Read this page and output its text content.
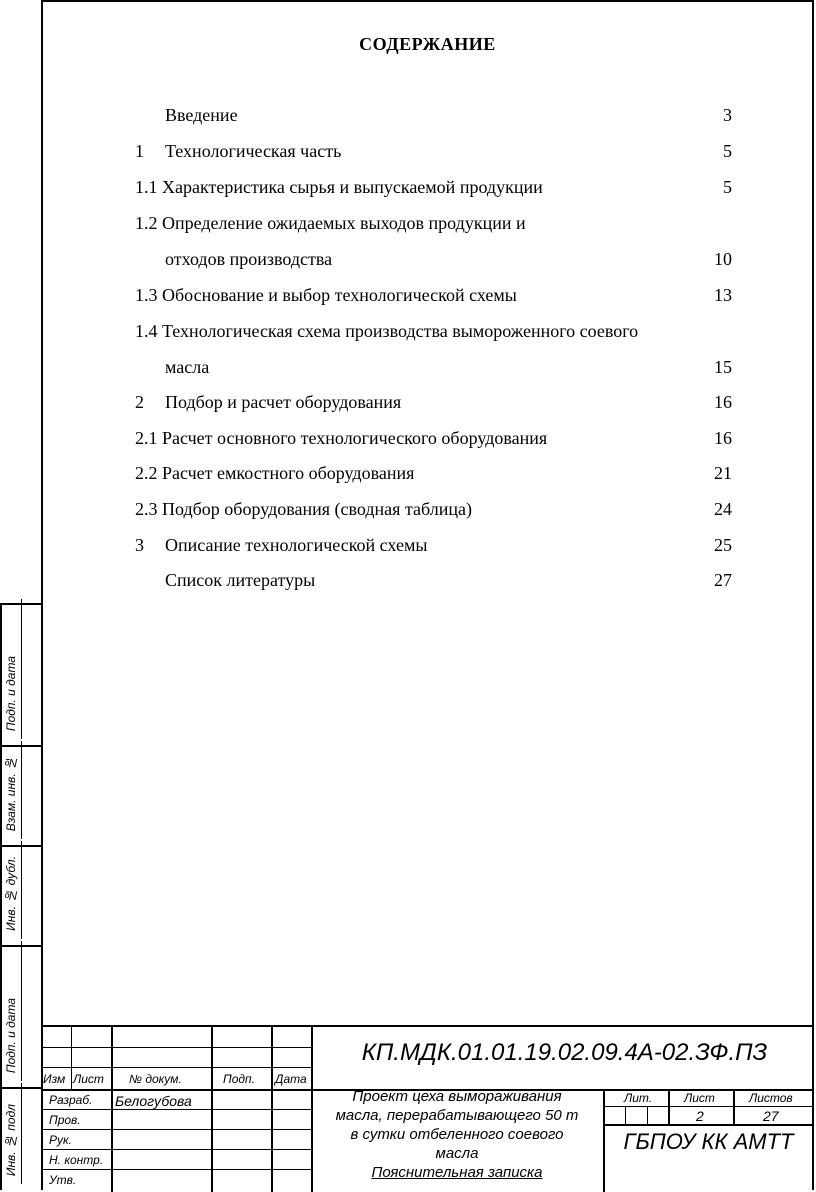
СОДЕРЖАНИЕ
Введение	3
1 Технологическая часть	5
1.1 Характеристика сырья и выпускаемой продукции	5
1.2 Определение ожидаемых выходов продукции и
отходов производства	10
1.3 Обоснование и выбор технологической схемы	13
1.4 Технологическая схема производства вымороженного соевого
масла	15
2 Подбор и расчет оборудования	16
2.1 Расчет основного технологического оборудования	16
2.2 Расчет емкостного оборудования	21
2.3 Подбор оборудования (сводная таблица)	24
3 Описание технологической схемы	25
Список литературы	27
Подп. и дата
Взам. инв. №
Инв. № дубл.
Подп. и дата
Инв. № подл
Изм Лист № докум.	Подп. Дата
Разраб. Белогубова
Пров.
Рук.
Н. контр.
Утв.
КП.МДК.01.01.19.02.09.4А-02.ЗФ.ПЗ
Проект цеха вымораживания
масла, перерабатывающего 50 т
в сутки отбеленного соевого
масла
Пояснительная записка
Лит.	Лист	Листов
2	27
ГБПОУ КК АМТТ
